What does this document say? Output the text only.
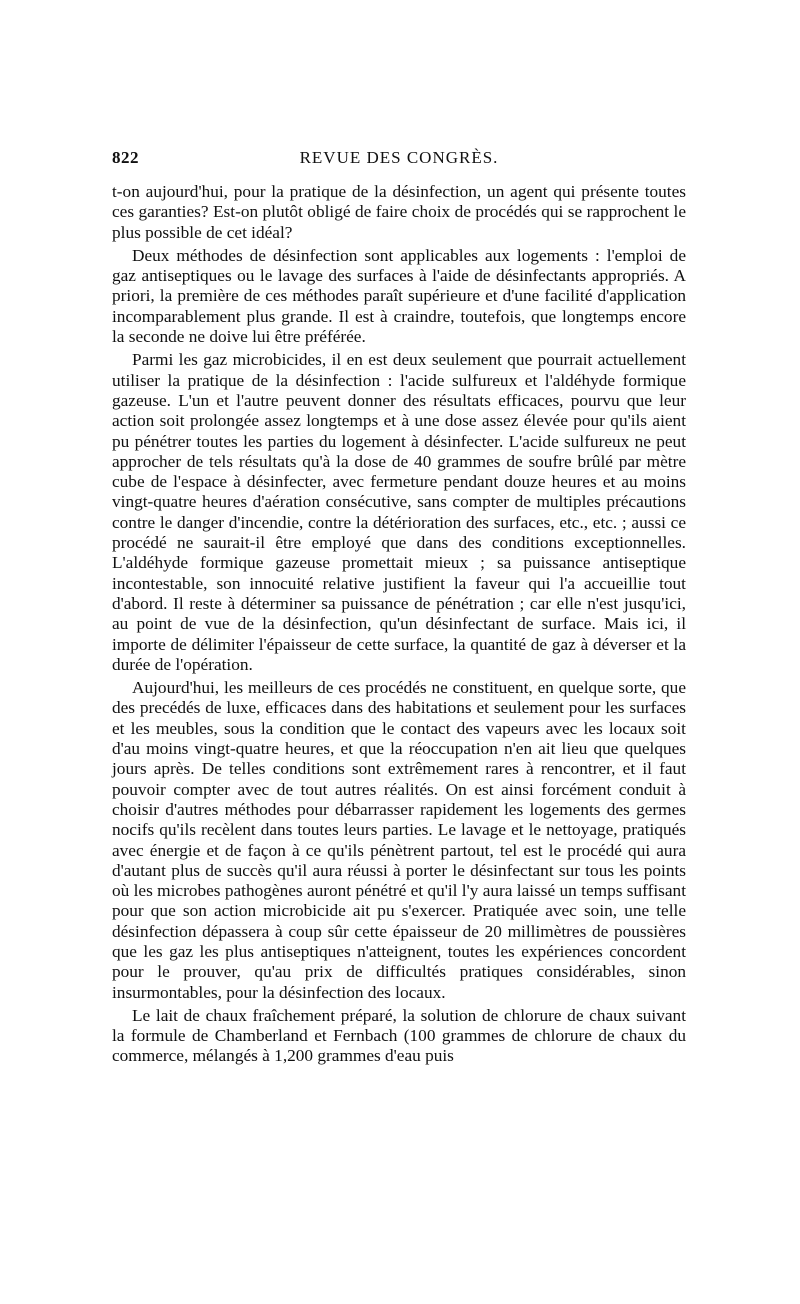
822	REVUE DES CONGRÈS.

t-on aujourd'hui, pour la pratique de la désinfection, un agent qui présente toutes ces garanties? Est-on plutôt obligé de faire choix de procédés qui se rapprochent le plus possible de cet idéal?

Deux méthodes de désinfection sont applicables aux logements : l'emploi de gaz antiseptiques ou le lavage des surfaces à l'aide de désinfectants appropriés. A priori, la première de ces méthodes paraît supérieure et d'une facilité d'application incomparablement plus grande. Il est à craindre, toutefois, que longtemps encore la seconde ne doive lui être préférée.

Parmi les gaz microbicides, il en est deux seulement que pourrait actuellement utiliser la pratique de la désinfection : l'acide sulfureux et l'aldéhyde formique gazeuse. L'un et l'autre peuvent donner des résultats efficaces, pourvu que leur action soit prolongée assez longtemps et à une dose assez élevée pour qu'ils aient pu pénétrer toutes les parties du logement à désinfecter. L'acide sulfureux ne peut approcher de tels résultats qu'à la dose de 40 grammes de soufre brûlé par mètre cube de l'espace à désinfecter, avec fermeture pendant douze heures et au moins vingt-quatre heures d'aération consécutive, sans compter de multiples précautions contre le danger d'incendie, contre la détérioration des surfaces, etc., etc. ; aussi ce procédé ne saurait-il être employé que dans des conditions exceptionnelles. L'aldéhyde formique gazeuse promettait mieux ; sa puissance antiseptique incontestable, son innocuité relative justifient la faveur qui l'a accueillie tout d'abord. Il reste à déterminer sa puissance de pénétration ; car elle n'est jusqu'ici, au point de vue de la désinfection, qu'un désinfectant de surface. Mais ici, il importe de délimiter l'épaisseur de cette surface, la quantité de gaz à déverser et la durée de l'opération.

Aujourd'hui, les meilleurs de ces procédés ne constituent, en quelque sorte, que des precédés de luxe, efficaces dans des habitations et seulement pour les surfaces et les meubles, sous la condition que le contact des vapeurs avec les locaux soit d'au moins vingt-quatre heures, et que la réoccupation n'en ait lieu que quelques jours après. De telles conditions sont extrêmement rares à rencontrer, et il faut pouvoir compter avec de tout autres réalités. On est ainsi forcément conduit à choisir d'autres méthodes pour débarrasser rapidement les logements des germes nocifs qu'ils recèlent dans toutes leurs parties. Le lavage et le nettoyage, pratiqués avec énergie et de façon à ce qu'ils pénètrent partout, tel est le procédé qui aura d'autant plus de succès qu'il aura réussi à porter le désinfectant sur tous les points où les microbes pathogènes auront pénétré et qu'il l'y aura laissé un temps suffisant pour que son action microbicide ait pu s'exercer. Pratiquée avec soin, une telle désinfection dépassera à coup sûr cette épaisseur de 20 millimètres de poussières que les gaz les plus antiseptiques n'atteignent, toutes les expériences concordent pour le prouver, qu'au prix de difficultés pratiques considérables, sinon insurmontables, pour la désinfection des locaux.

Le lait de chaux fraîchement préparé, la solution de chlorure de chaux suivant la formule de Chamberland et Fernbach (100 grammes de chlorure de chaux du commerce, mélangés à 1,200 grammes d'eau puis
